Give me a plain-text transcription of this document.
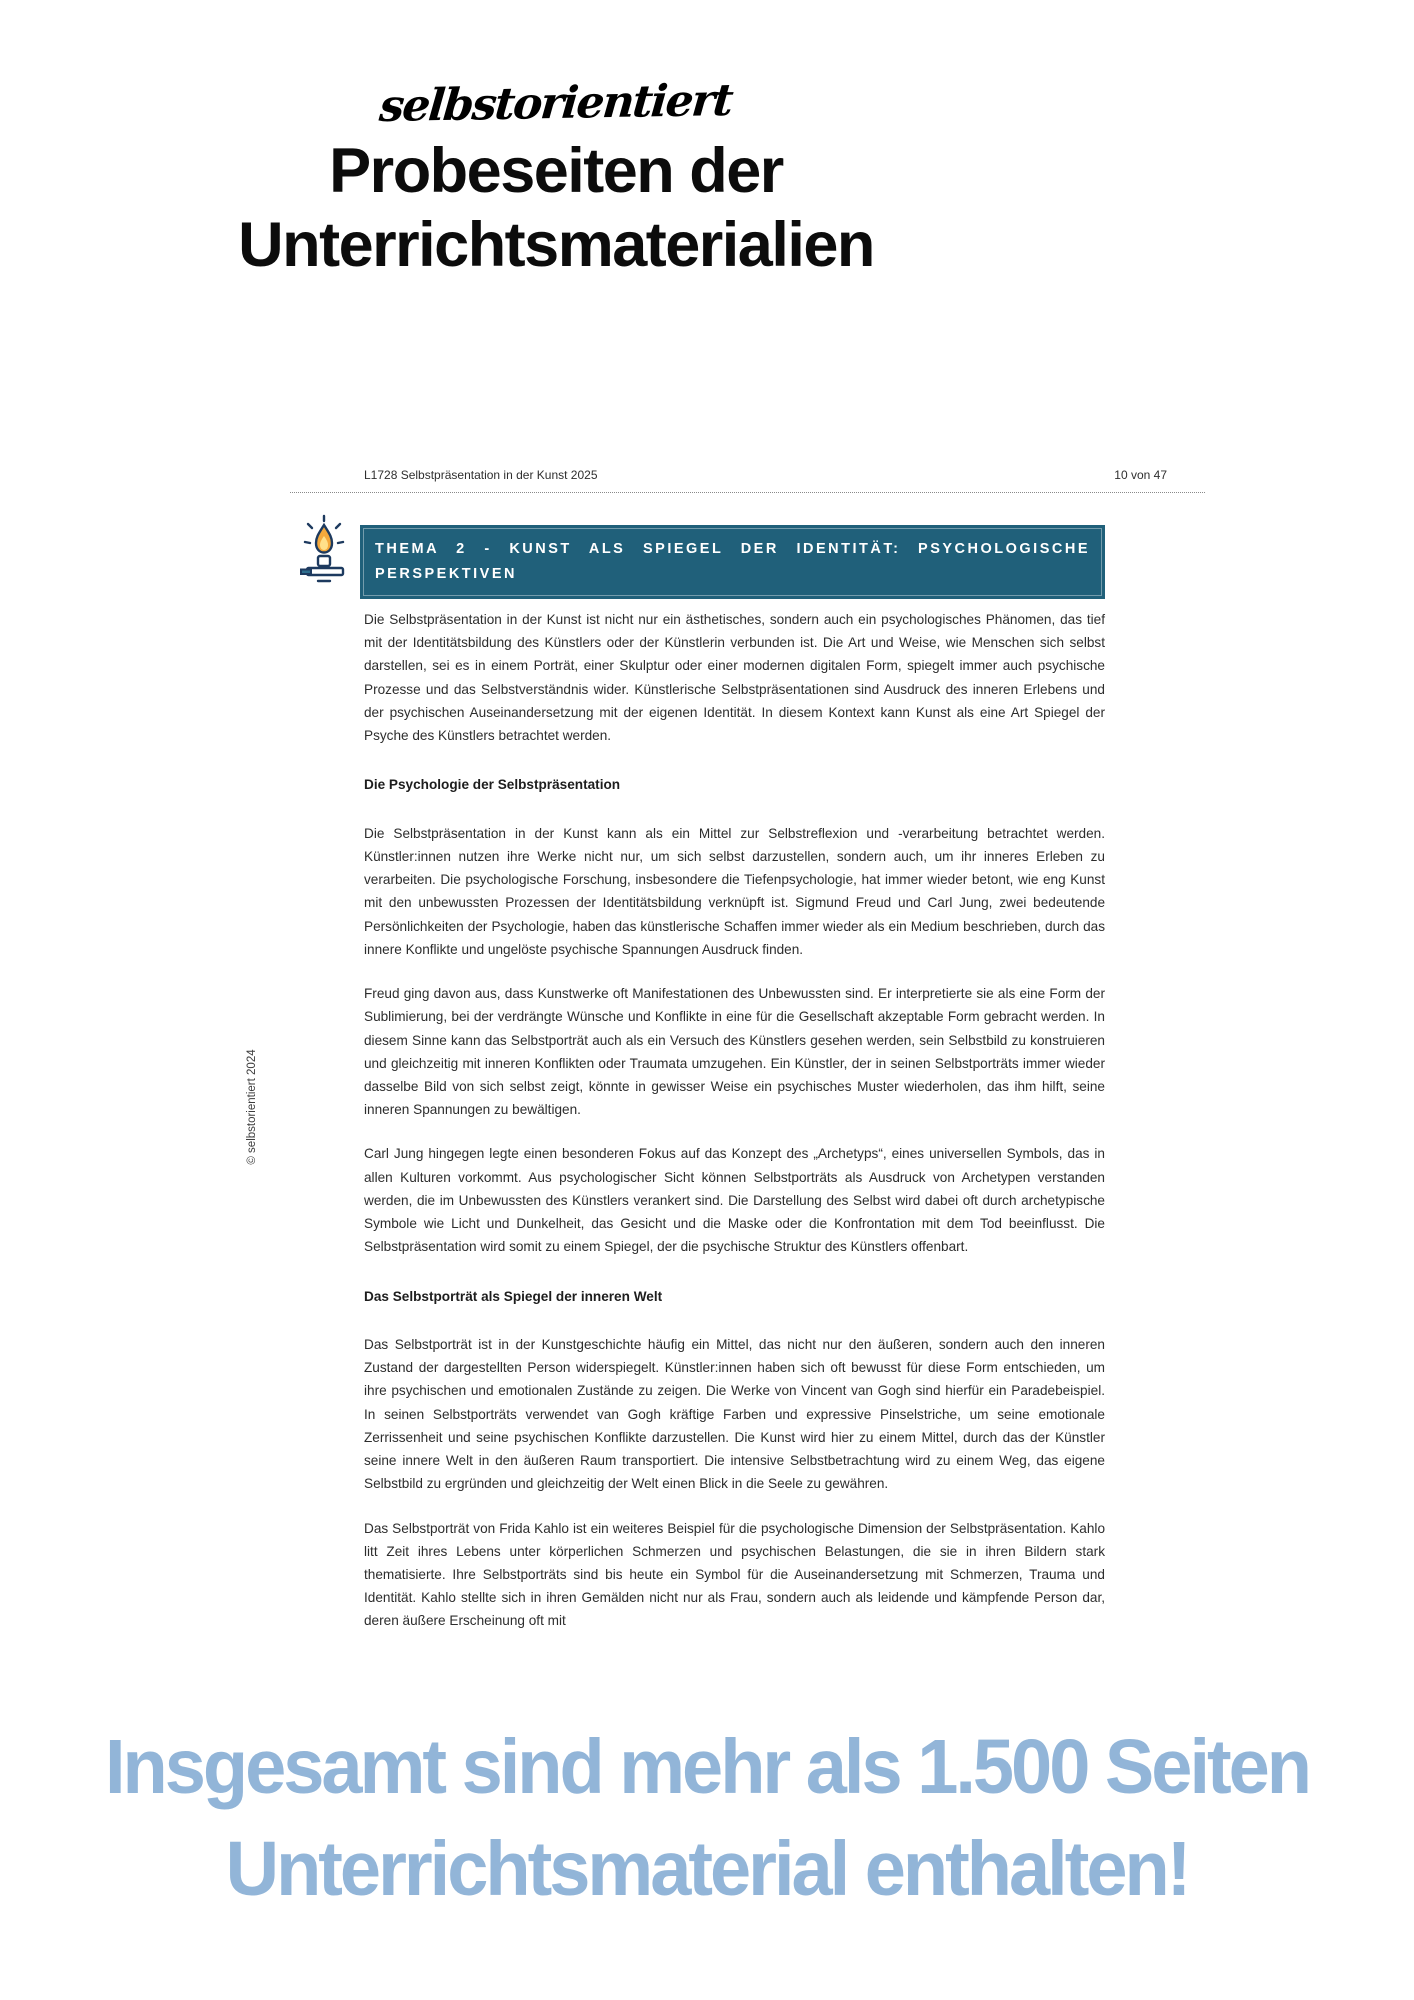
selbstorientiert
Probeseiten der
Unterrichtsmaterialien
L1728 Selbstpräsentation in der Kunst 2025	10 von 47
THEMA 2 - KUNST ALS SPIEGEL DER IDENTITÄT: PSYCHOLOGISCHE PERSPEKTIVEN
© selbstorientiert 2024

Die Selbstpräsentation in der Kunst ist nicht nur ein ästhetisches, sondern auch ein psychologisches Phänomen, das tief mit der Identitätsbildung des Künstlers oder der Künstlerin verbunden ist. Die Art und Weise, wie Menschen sich selbst darstellen, sei es in einem Porträt, einer Skulptur oder einer modernen digitalen Form, spiegelt immer auch psychische Prozesse und das Selbstverständnis wider. Künstlerische Selbstpräsentationen sind Ausdruck des inneren Erlebens und der psychischen Auseinandersetzung mit der eigenen Identität. In diesem Kontext kann Kunst als eine Art Spiegel der Psyche des Künstlers betrachtet werden.

Die Psychologie der Selbstpräsentation

Die Selbstpräsentation in der Kunst kann als ein Mittel zur Selbstreflexion und -verarbeitung betrachtet werden. Künstler:innen nutzen ihre Werke nicht nur, um sich selbst darzustellen, sondern auch, um ihr inneres Erleben zu verarbeiten. Die psychologische Forschung, insbesondere die Tiefenpsychologie, hat immer wieder betont, wie eng Kunst mit den unbewussten Prozessen der Identitätsbildung verknüpft ist. Sigmund Freud und Carl Jung, zwei bedeutende Persönlichkeiten der Psychologie, haben das künstlerische Schaffen immer wieder als ein Medium beschrieben, durch das innere Konflikte und ungelöste psychische Spannungen Ausdruck finden.

Freud ging davon aus, dass Kunstwerke oft Manifestationen des Unbewussten sind. Er interpretierte sie als eine Form der Sublimierung, bei der verdrängte Wünsche und Konflikte in eine für die Gesellschaft akzeptable Form gebracht werden. In diesem Sinne kann das Selbstporträt auch als ein Versuch des Künstlers gesehen werden, sein Selbstbild zu konstruieren und gleichzeitig mit inneren Konflikten oder Traumata umzugehen. Ein Künstler, der in seinen Selbstporträts immer wieder dasselbe Bild von sich selbst zeigt, könnte in gewisser Weise ein psychisches Muster wiederholen, das ihm hilft, seine inneren Spannungen zu bewältigen.

Carl Jung hingegen legte einen besonderen Fokus auf das Konzept des „Archetyps“, eines universellen Symbols, das in allen Kulturen vorkommt. Aus psychologischer Sicht können Selbstporträts als Ausdruck von Archetypen verstanden werden, die im Unbewussten des Künstlers verankert sind. Die Darstellung des Selbst wird dabei oft durch archetypische Symbole wie Licht und Dunkelheit, das Gesicht und die Maske oder die Konfrontation mit dem Tod beeinflusst. Die Selbstpräsentation wird somit zu einem Spiegel, der die psychische Struktur des Künstlers offenbart.

Das Selbstporträt als Spiegel der inneren Welt

Das Selbstporträt ist in der Kunstgeschichte häufig ein Mittel, das nicht nur den äußeren, sondern auch den inneren Zustand der dargestellten Person widerspiegelt. Künstler:innen haben sich oft bewusst für diese Form entschieden, um ihre psychischen und emotionalen Zustände zu zeigen. Die Werke von Vincent van Gogh sind hierfür ein Paradebeispiel. In seinen Selbstporträts verwendet van Gogh kräftige Farben und expressive Pinselstriche, um seine emotionale Zerrissenheit und seine psychischen Konflikte darzustellen. Die Kunst wird hier zu einem Mittel, durch das der Künstler seine innere Welt in den äußeren Raum transportiert. Die intensive Selbstbetrachtung wird zu einem Weg, das eigene Selbstbild zu ergründen und gleichzeitig der Welt einen Blick in die Seele zu gewähren.

Das Selbstporträt von Frida Kahlo ist ein weiteres Beispiel für die psychologische Dimension der Selbstpräsentation. Kahlo litt Zeit ihres Lebens unter körperlichen Schmerzen und psychischen Belastungen, die sie in ihren Bildern stark thematisierte. Ihre Selbstporträts sind bis heute ein Symbol für die Auseinandersetzung mit Schmerzen, Trauma und Identität. Kahlo stellte sich in ihren Gemälden nicht nur als Frau, sondern auch als leidende und kämpfende Person dar, deren äußere Erscheinung oft mit

Insgesamt sind mehr als 1.500 Seiten
Unterrichtsmaterial enthalten!
